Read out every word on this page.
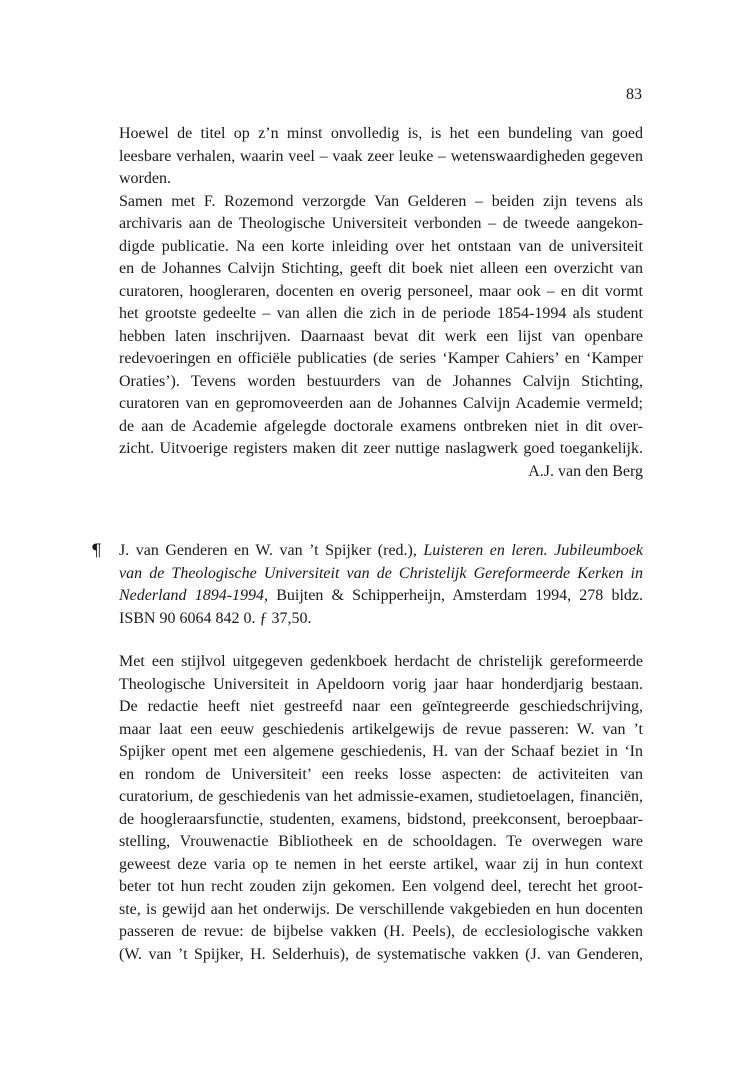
83

Hoewel de titel op z’n minst onvolledig is, is het een bundeling van goed
leesbare verhalen, waarin veel – vaak zeer leuke – wetenswaardigheden gegeven
worden.

Samen met F. Rozemond verzorgde Van Gelderen – beiden zijn tevens als
archivaris aan de Theologische Universiteit verbonden – de tweede aangekon-
digde publicatie. Na een korte inleiding over het ontstaan van de universiteit
en de Johannes Calvijn Stichting, geeft dit boek niet alleen een overzicht van
curatoren, hoogleraren, docenten en overig personeel, maar ook – en dit vormt
het grootste gedeelte – van allen die zich in de periode 1854-1994 als student
hebben laten inschrijven. Daarnaast bevat dit werk een lijst van openbare
redevoeringen en officiële publicaties (de series ‘Kamper Cahiers’ en ‘Kamper
Oraties’). Tevens worden bestuurders van de Johannes Calvijn Stichting,
curatoren van en gepromoveerden aan de Johannes Calvijn Academie vermeld;
de aan de Academie afgelegde doctorale examens ontbreken niet in dit over-
zicht. Uitvoerige registers maken dit zeer nuttige naslagwerk goed toegankelijk.

A.J. van den Berg

¶ J. van Genderen en W. van ’t Spijker (red.), Luisteren en leren. Jubileumboek
van de Theologische Universiteit van de Christelijk Gereformeerde Kerken in
Nederland 1894-1994, Buijten & Schipperheijn, Amsterdam 1994, 278 bldz.
ISBN 90 6064 842 0. ƒ 37,50.
Met een stijlvol uitgegeven gedenkboek herdacht de christelijk gereformeerde
Theologische Universiteit in Apeldoorn vorig jaar haar honderdjarig bestaan.
De redactie heeft niet gestreefd naar een geïntegreerde geschiedschrijving,
maar laat een eeuw geschiedenis artikelgewijs de revue passeren: W. van ’t
Spijker opent met een algemene geschiedenis, H. van der Schaaf beziet in ‘In
en rondom de Universiteit’ een reeks losse aspecten: de activiteiten van
curatorium, de geschiedenis van het admissie-examen, studietoelagen, financiën,
de hoogleraarsfunctie, studenten, examens, bidstond, preekconsent, beroepbaar-
stelling, Vrouwenactie Bibliotheek en de schooldagen. Te overwegen ware
geweest deze varia op te nemen in het eerste artikel, waar zij in hun context
beter tot hun recht zouden zijn gekomen. Een volgend deel, terecht het groot-
ste, is gewijd aan het onderwijs. De verschillende vakgebieden en hun docenten
passeren de revue: de bijbelse vakken (H. Peels), de ecclesiologische vakken
(W. van ’t Spijker, H. Selderhuis), de systematische vakken (J. van Genderen,
